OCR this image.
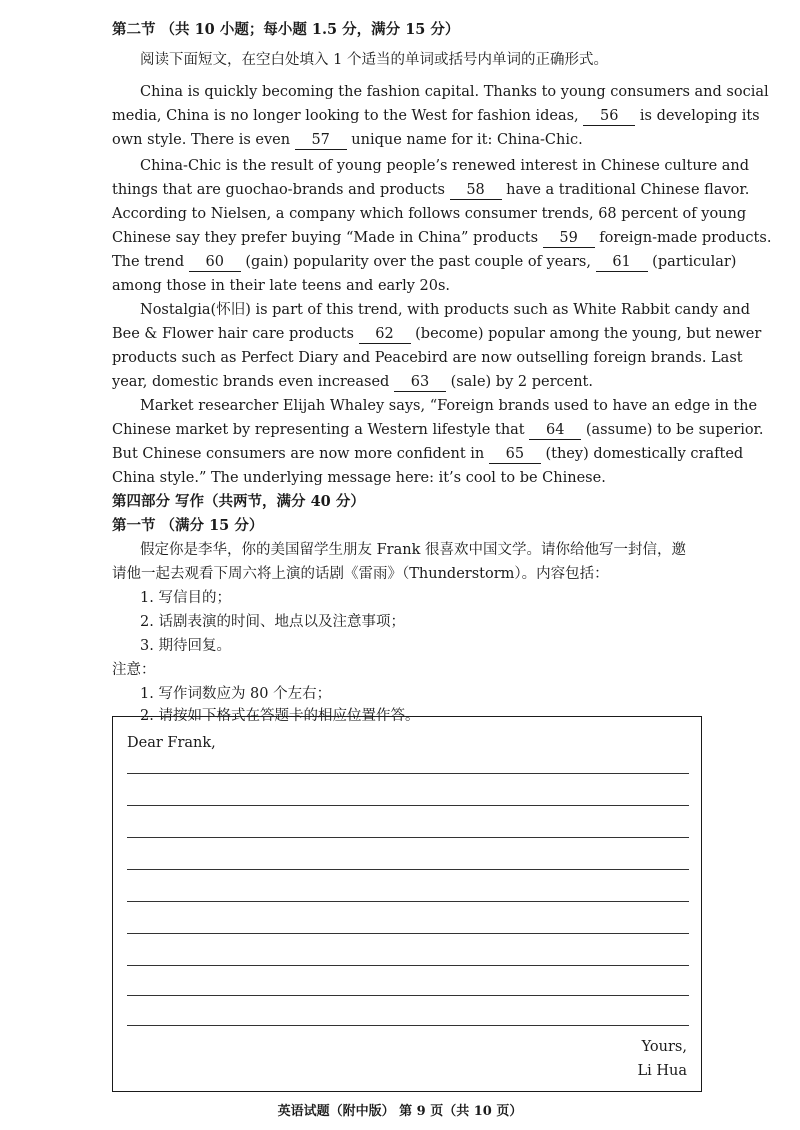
第二节 （共 10 小题；每小题 1.5 分，满分 15 分）
阅读下面短文，在空白处填入 1 个适当的单词或括号内单词的正确形式。
China is quickly becoming the fashion capital. Thanks to young consumers and social
media, China is no longer looking to the West for fashion ideas, 56 is developing its
own style. There is even 57 unique name for it: China-Chic.
China-Chic is the result of young people’s renewed interest in Chinese culture and
things that are guochao-brands and products 58 have a traditional Chinese flavor.
According to Nielsen, a company which follows consumer trends, 68 percent of young
Chinese say they prefer buying “Made in China” products 59 foreign-made products.
The trend 60 (gain) popularity over the past couple of years, 61 (particular)
among those in their late teens and early 20s.
Nostalgia(怀旧) is part of this trend, with products such as White Rabbit candy and
Bee & Flower hair care products 62 (become) popular among the young, but newer
products such as Perfect Diary and Peacebird are now outselling foreign brands. Last
year, domestic brands even increased 63 (sale) by 2 percent.
Market researcher Elijah Whaley says, “Foreign brands used to have an edge in the
Chinese market by representing a Western lifestyle that 64 (assume) to be superior.
But Chinese consumers are now more confident in 65 (they) domestically crafted
China style.” The underlying message here: it’s cool to be Chinese.
第四部分 写作（共两节，满分 40 分）
第一节 （满分 15 分）
假定你是李华，你的美国留学生朋友 Frank 很喜欢中国文学。请你给他写一封信，邀
请他一起去观看下周六将上演的话剧《雷雨》（Thunderstorm）。内容包括：
1. 写信目的；
2. 话剧表演的时间、地点以及注意事项；
3. 期待回复。
注意：
1. 写作词数应为 80 个左右；
2. 请按如下格式在答题卡的相应位置作答。
Dear Frank,
Yours,
Li Hua
英语试题（附中版） 第 9 页（共 10 页）
